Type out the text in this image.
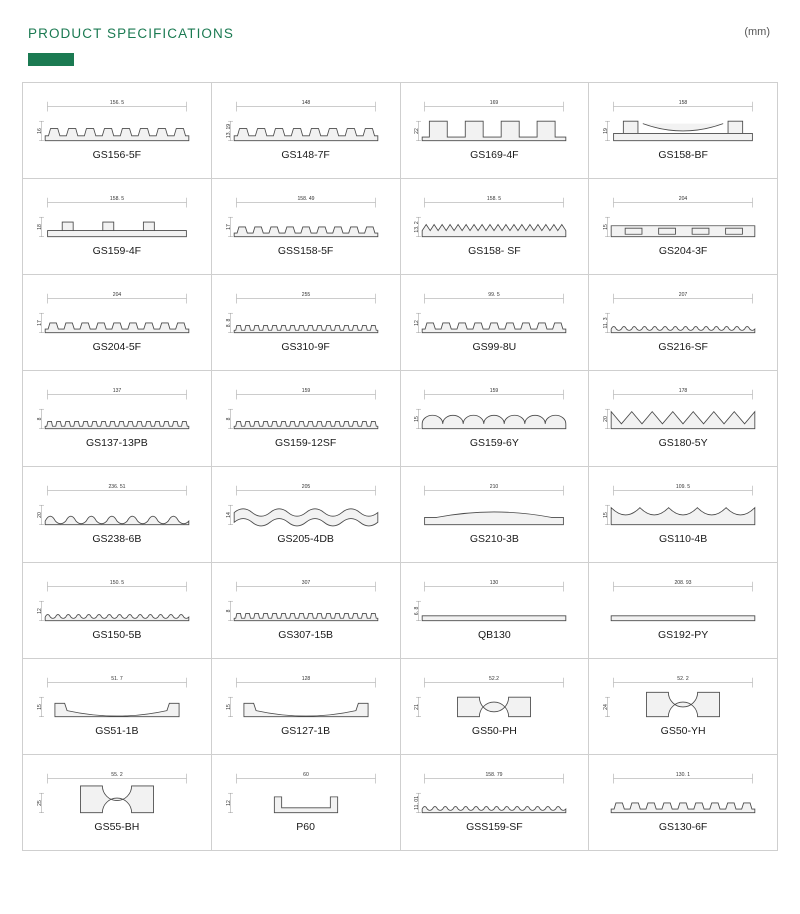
PRODUCT SPECIFICATIONS	(mm)
156. 5
16
GS156-5F
148
13. 19
GS148-7F
169
22
GS169-4F
158
19
GS158-BF
158. 5
18
GS159-4F
158. 49
17
GSS158-5F
158. 5
13. 2
GS158- SF
204
15
GS204-3F
204
17
GS204-5F
255
8. 8
GS310-9F
99. 5
12
GS99-8U
207
11. 3
GS216-SF
137
8
GS137-13PB
159
8
GS159-12SF
159
15
GS159-6Y
178
20
GS180-5Y
236. 51
20
GS238-6B
205
14
GS205-4DB
210
GS210-3B
109. 5
15
GS110-4B
150. 5
12
GS150-5B
307
8
GS307-15B
130
6. 8
QB130
208. 93
GS192-PY
51. 7
15
GS51-1B
128
15
GS127-1B
52.2
21
GS50-PH
52. 2
24
GS50-YH
55. 2
25
GS55-BH
60
12
P60
158. 79
11. 01
GSS159-SF
130. 1
GS130-6F
